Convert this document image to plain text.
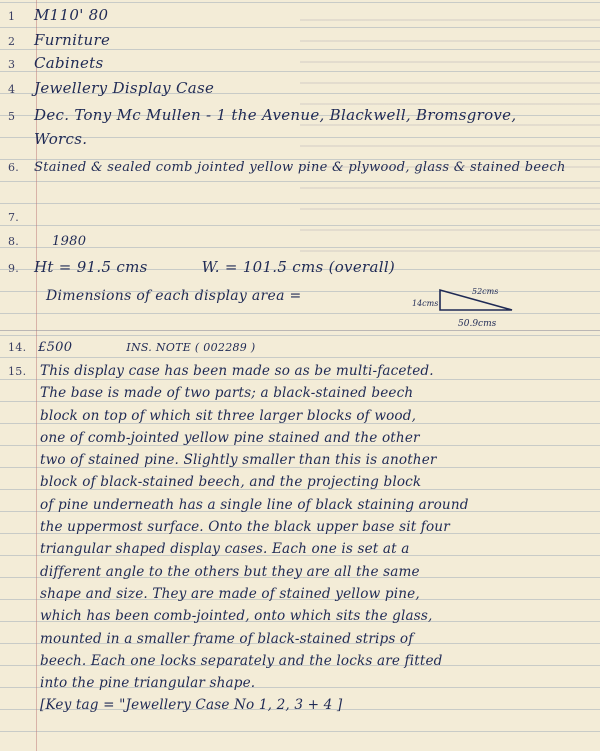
1 M110' 80
2 Furniture
3 Cabinets
4 Jewellery Display Case
5 Dec. Tony Mc Mullen - 1 the Avenue, Blackwell, Bromsgrove,
Worcs.
6. Stained & sealed comb jointed yellow pine & plywood, glass & stained beech
7.
8.	1980
9. Ht = 91.5 cms	W. = 101.5 cms (overall)
Dimensions of each display area =	14cms
52cms
50.9cms
14. £500	INS. NOTE ( 002289 )
15. This display case has been made so as be multi-faceted.
The base is made of two parts; a black-stained beech
block on top of which sit three larger blocks of wood,
one of comb-jointed yellow pine stained and the other
two of stained pine. Slightly smaller than this is another
block of black-stained beech, and the projecting block
of pine underneath has a single line of black staining around
the uppermost surface. Onto the black upper base sit four
triangular shaped display cases. Each one is set at a
different angle to the others but they are all the same
shape and size. They are made of stained yellow pine,
which has been comb-jointed, onto which sits the glass,
mounted in a smaller frame of black-stained strips of
beech. Each one locks separately and the locks are fitted
into the pine triangular shape.
[Key tag = "Jewellery Case No 1, 2, 3 + 4 ]
